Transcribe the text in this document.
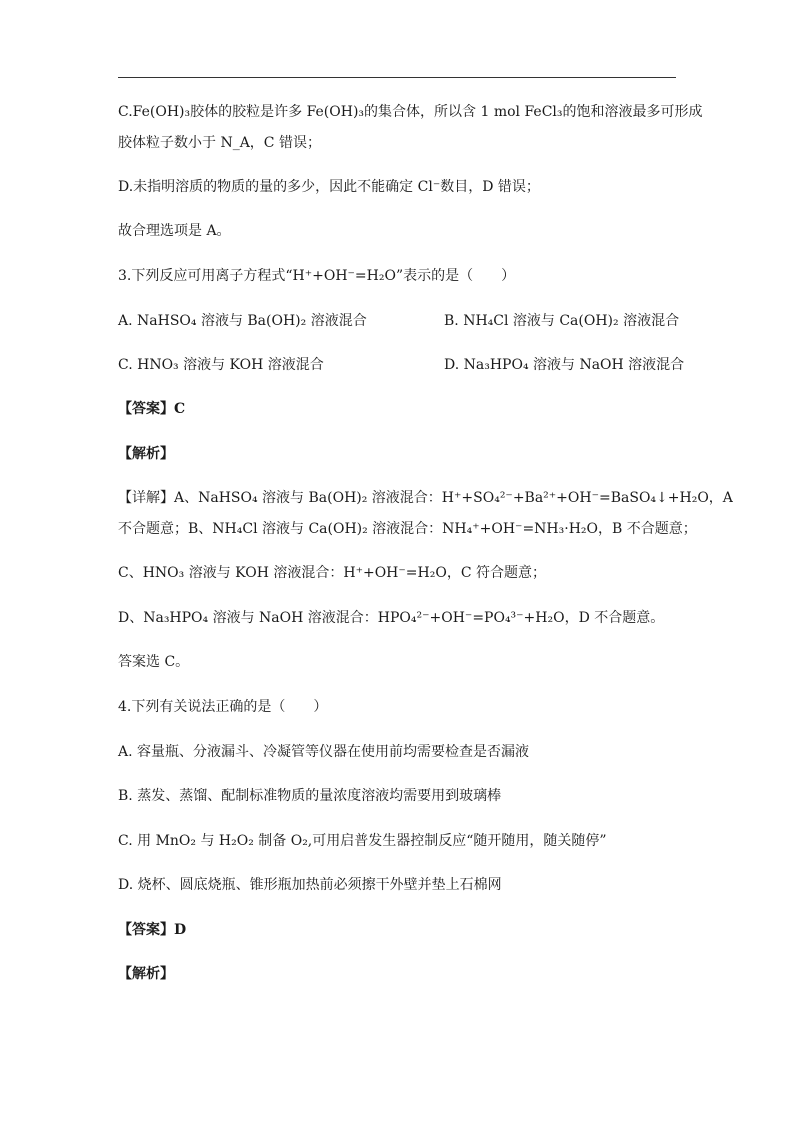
C.Fe(OH)₃胶体的胶粒是许多 Fe(OH)₃的集合体，所以含 1 mol FeCl₃的饱和溶液最多可形成
胶体粒子数小于 N_A，C 错误；
D.未指明溶质的物质的量的多少，因此不能确定 Cl⁻数目，D 错误；
故合理选项是 A。
3.下列反应可用离子方程式“H⁺+OH⁻=H₂O”表示的是（　　）
A. NaHSO₄ 溶液与 Ba(OH)₂ 溶液混合	B. NH₄Cl 溶液与 Ca(OH)₂ 溶液混合
C. HNO₃ 溶液与 KOH 溶液混合	D. Na₃HPO₄ 溶液与 NaOH 溶液混合
【答案】C
【解析】
【详解】A、NaHSO₄ 溶液与 Ba(OH)₂ 溶液混合：H⁺+SO₄²⁻+Ba²⁺+OH⁻=BaSO₄↓+H₂O，A
不合题意；B、NH₄Cl 溶液与 Ca(OH)₂ 溶液混合：NH₄⁺+OH⁻=NH₃·H₂O，B 不合题意；
C、HNO₃ 溶液与 KOH 溶液混合：H⁺+OH⁻=H₂O，C 符合题意；
D、Na₃HPO₄ 溶液与 NaOH 溶液混合：HPO₄²⁻+OH⁻=PO₄³⁻+H₂O，D 不合题意。
答案选 C。
4.下列有关说法正确的是（　　）
A. 容量瓶、分液漏斗、冷凝管等仪器在使用前均需要检查是否漏液
B. 蒸发、蒸馏、配制标准物质的量浓度溶液均需要用到玻璃棒
C. 用 MnO₂ 与 H₂O₂ 制备 O₂,可用启普发生器控制反应“随开随用，随关随停”
D. 烧杯、圆底烧瓶、锥形瓶加热前必须擦干外壁并垫上石棉网
【答案】D
【解析】
